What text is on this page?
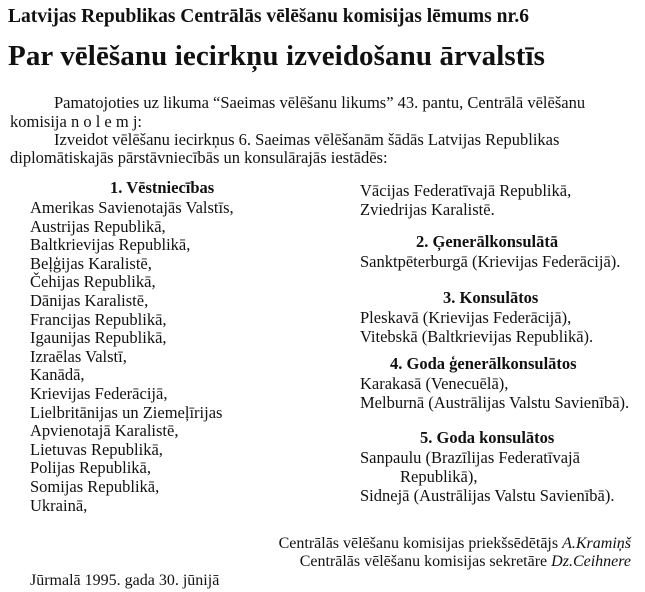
Latvijas Republikas Centrālās vēlēšanu komisijas lēmums nr.6
Par vēlēšanu iecirkņu izveidošanu ārvalstīs
Pamatojoties uz likuma “Saeimas vēlēšanu likums” 43. pantu, Centrālā vēlēšanu
komisija n o l e m j:
Izveidot vēlēšanu iecirkņus 6. Saeimas vēlēšanām šādās Latvijas Republikas
diplomātiskajās pārstāvniecībās un konsulārajās iestādēs:
1. Vēstniecības
Amerikas Savienotajās Valstīs,
Austrijas Republikā,
Baltkrievijas Republikā,
Beļģijas Karalistē,
Čehijas Republikā,
Dānijas Karalistē,
Francijas Republikā,
Igaunijas Republikā,
Izraēlas Valstī,
Kanādā,
Krievijas Federācijā,
Lielbritānijas un Ziemeļīrijas
Apvienotajā Karalistē,
Lietuvas Republikā,
Polijas Republikā,
Somijas Republikā,
Ukrainā,
Vācijas Federatīvajā Republikā,
Zviedrijas Karalistē.
2. Ģenerālkonsulātā
Sanktpēterburgā (Krievijas Federācijā).
3. Konsulātos
Pleskavā (Krievijas Federācijā),
Vitebskā (Baltkrievijas Republikā).
4. Goda ģenerālkonsulātos
Karakasā (Venecuēlā),
Melburnā (Austrālijas Valstu Savienībā).
5. Goda konsulātos
Sanpaulu (Brazīlijas Federatīvajā
Republikā),
Sidnejā (Austrālijas Valstu Savienībā).
Centrālās vēlēšanu komisijas priekšsēdētājs A.Kramiņš
Centrālās vēlēšanu komisijas sekretāre Dz.Ceihnere
Jūrmalā 1995. gada 30. jūnijā
